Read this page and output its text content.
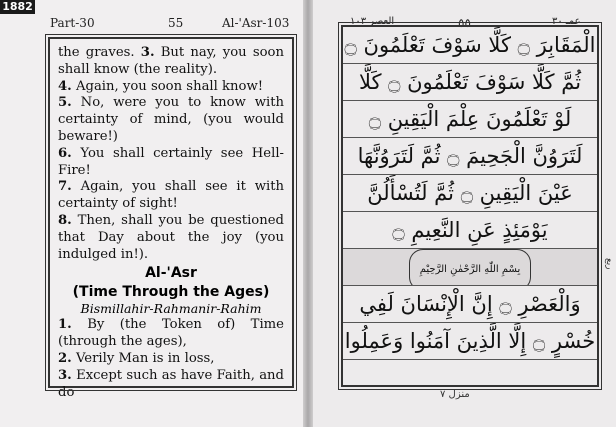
1882
Part-30	55	Al-'Asr-103	العصر ١٠٣	٥٥	عمـ ٣٠
the graves. 3. But nay, you soon shall know (the reality).
4. Again, you soon shall know!
5. No, were you to know with certainty of mind, (you would beware!)
6. You shall certainly see Hell-Fire!
7. Again, you shall see it with certainty of sight!
8. Then, shall you be questioned that Day about the joy (you indulged in!).
Al-'Asr
(Time Through the Ages)
Bismillahir-Rahmanir-Rahim
1. By (the Token of) Time (through the ages),
2. Verily Man is in loss,
3. Except such as have Faith, and do
الْمَقَابِرَ ۝ كَلَّا سَوْفَ تَعْلَمُونَ ۝
ثُمَّ كَلَّا سَوْفَ تَعْلَمُونَ ۝ كَلَّا
لَوْ تَعْلَمُونَ عِلْمَ الْيَقِينِ ۝
لَتَرَوُنَّ الْجَحِيمَ ۝ ثُمَّ لَتَرَوُنَّهَا
عَيْنَ الْيَقِينِ ۝ ثُمَّ لَتُسْأَلُنَّ
يَوْمَئِذٍ عَنِ النَّعِيمِ ۝
بِسْمِ اللّٰهِ الرَّحْمٰنِ الرَّحِيْمِ
وَالْعَصْرِ ۝ إِنَّ الْإِنْسَانَ لَفِي
خُسْرٍ ۝ إِلَّا الَّذِينَ آمَنُوا وَعَمِلُوا
منزل ٧
ربع
